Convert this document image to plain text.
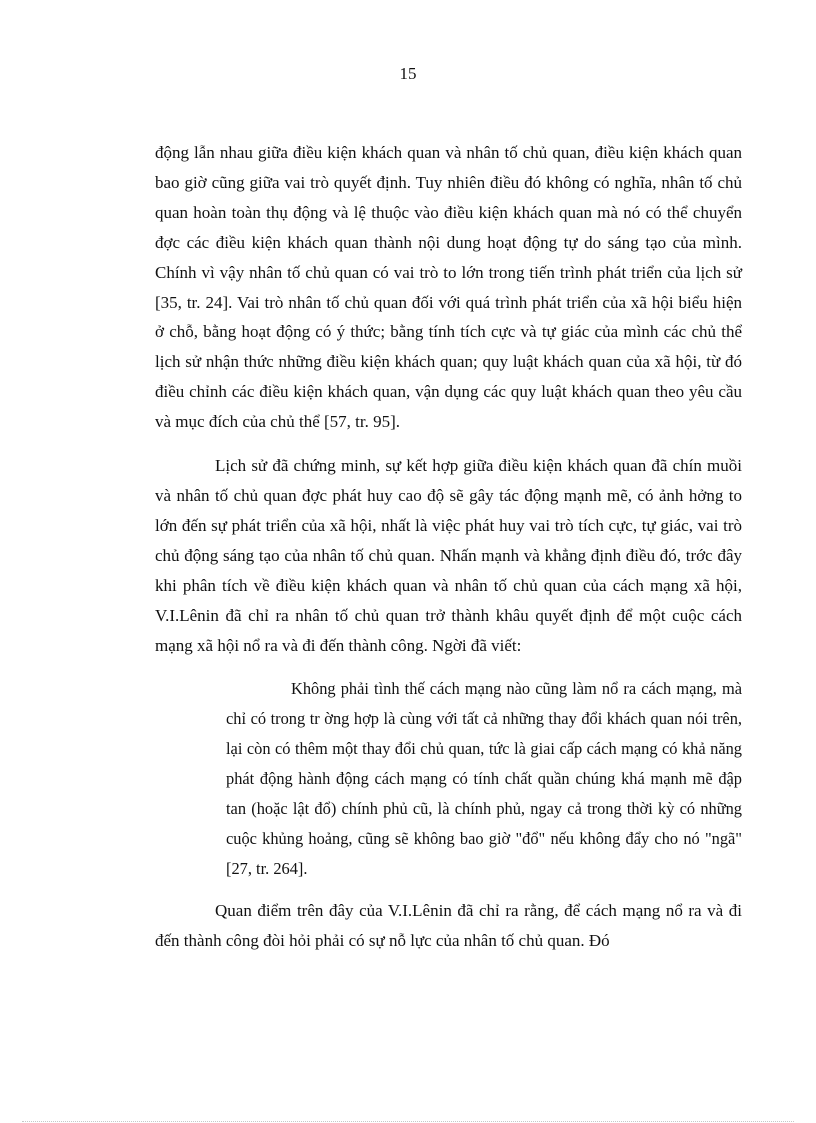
15

động lẫn nhau giữa điều kiện khách quan và nhân tố chủ quan, điều kiện khách quan bao giờ cũng giữa vai trò quyết định. Tuy nhiên điều đó không có nghĩa, nhân tố chủ quan hoàn toàn thụ động và lệ thuộc vào điều kiện khách quan mà nó có thể chuyển đợc các điều kiện khách quan thành nội dung hoạt động tự do sáng tạo của mình. Chính vì vậy nhân tố chủ quan có vai trò to lớn trong tiến trình phát triển của lịch sử [35, tr. 24]. Vai trò nhân tố chủ quan đối với quá trình phát triển của xã hội biểu hiện ở chỗ, bằng hoạt động có ý thức; bằng tính tích cực và tự giác của mình các chủ thể lịch sử nhận thức những điều kiện khách quan; quy luật khách quan của xã hội, từ đó điều chỉnh các điều kiện khách quan, vận dụng các quy luật khách quan theo yêu cầu và mục đích của chủ thể [57, tr. 95].

Lịch sử đã chứng minh, sự kết hợp giữa điều kiện khách quan đã chín muồi và nhân tố chủ quan đợc phát huy cao độ sẽ gây tác động mạnh mẽ, có ảnh hởng to lớn đến sự phát triển của xã hội, nhất là việc phát huy vai trò tích cực, tự giác, vai trò chủ động sáng tạo của nhân tố chủ quan. Nhấn mạnh và khẳng định điều đó, trớc đây khi phân tích về điều kiện khách quan và nhân tố chủ quan của cách mạng xã hội, V.I.Lênin đã chỉ ra nhân tố chủ quan trở thành khâu quyết định để một cuộc cách mạng xã hội nổ ra và đi đến thành công. Ngời đã viết:

Không phải tình thế cách mạng nào cũng làm nổ ra cách mạng, mà chỉ có trong tr ờng hợp là cùng với tất cả những thay đổi khách quan nói trên, lại còn có thêm một thay đổi chủ quan, tức là giai cấp cách mạng có khả năng phát động hành động cách mạng có tính chất quần chúng khá mạnh mẽ đập tan (hoặc lật đổ) chính phủ cũ, là chính phủ, ngay cả trong thời kỳ có những cuộc khủng hoảng, cũng sẽ không bao giờ "đổ" nếu không đẩy cho nó "ngã" [27, tr. 264].

Quan điểm trên đây của V.I.Lênin đã chỉ ra rằng, để cách mạng nổ ra và đi đến thành công đòi hỏi phải có sự nỗ lực của nhân tố chủ quan. Đó
